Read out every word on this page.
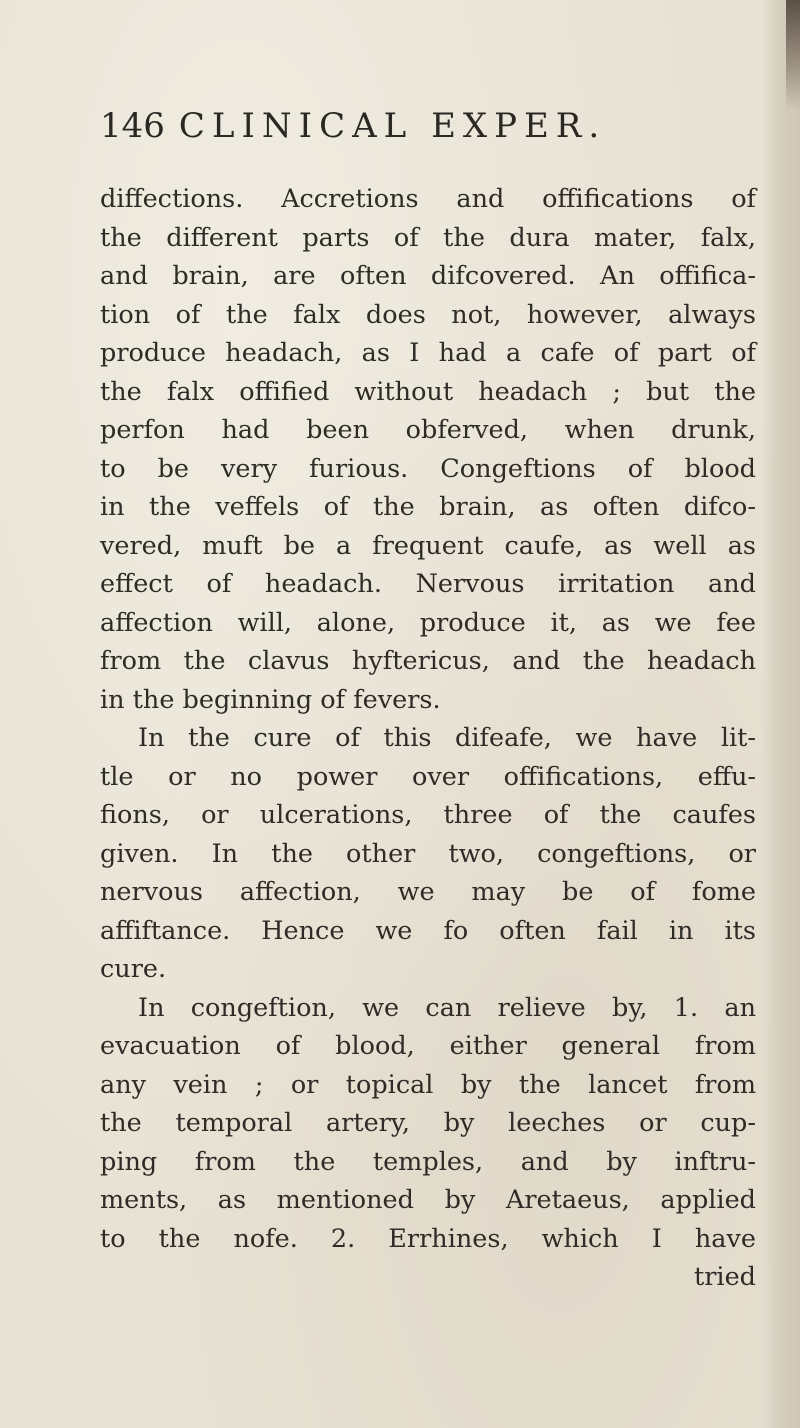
146 CLINICAL EXPER.
diffections. Accretions and offifications of
the different parts of the dura mater, falx,
and brain, are often difcovered. An offifica-
tion of the falx does not, however, always
produce headach, as I had a cafe of part of
the falx offified without headach ; but the
perfon had been obferved, when drunk,
to be very furious. Congeftions of blood
in the veffels of the brain, as often difco-
vered, muft be a frequent caufe, as well as
effect of headach. Nervous irritation and
affection will, alone, produce it, as we fee
from the clavus hyftericus, and the headach
in the beginning of fevers.
In the cure of this difeafe, we have lit-
tle or no power over offifications, effu-
fions, or ulcerations, three of the caufes
given. In the other two, congeftions, or
nervous affection, we may be of fome
affiftance. Hence we fo often fail in its
cure.
In congeftion, we can relieve by, 1. an
evacuation of blood, either general from
any vein ; or topical by the lancet from
the temporal artery, by leeches or cup-
ping from the temples, and by inftru-
ments, as mentioned by Aretaeus, applied
to the nofe. 2. Errhines, which I have
tried
